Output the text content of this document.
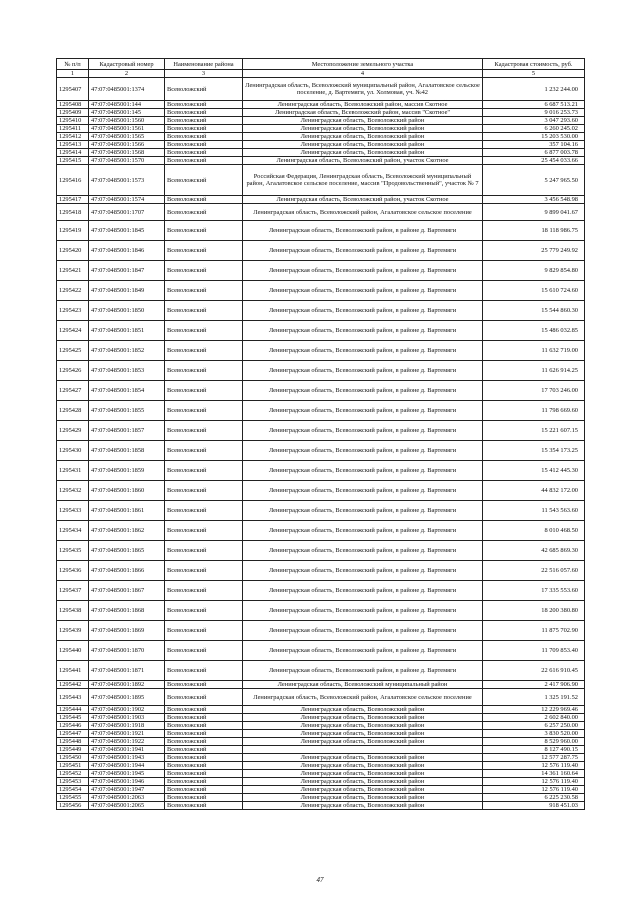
№ п/п	Кадастровый номер	Наименование района	Местоположение земельного участка	Кадастровая стоимость, руб.
1	2	3	4	5
1295407	47:07:0485001:1374	Всеволожский	Ленинградская область, Всеволожский муниципальный район, Агалатовское сельское поселение, д. Вартемяги, ул. Холмовая, уч. №42	1 232 244.00
1295408	47:07:0485001:144	Всеволожский	Ленинградская область, Всеволожский район, массив Скотное	6 687 513.21
1295409	47:07:0485001:145	Всеволожский	Ленинградская область, Всеволожский район, массив "Скотное"	9 016 253.73
1295410	47:07:0485001:1560	Всеволожский	Ленинградская область, Всеволожский район	3 047 293.60
1295411	47:07:0485001:1561	Всеволожский	Ленинградская область, Всеволожский район	6 260 245.02
1295412	47:07:0485001:1565	Всеволожский	Ленинградская область, Всеволожский район	15 203 530.00
1295413	47:07:0485001:1566	Всеволожский	Ленинградская область, Всеволожский район	357 104.16
1295414	47:07:0485001:1568	Всеволожский	Ленинградская область, Всеволожский район	6 877 003.78
1295415	47:07:0485001:1570	Всеволожский	Ленинградская область, Всеволожский район, участок Скотное	25 454 033.66
1295416	47:07:0485001:1573	Всеволожский	Российская Федерация, Ленинградская область, Всеволожский муниципальный район, Агалатовское сельское поселение, массив "Продовольственный", участок № 7	5 247 965.50
1295417	47:07:0485001:1574	Всеволожский	Ленинградская область, Всеволожский район, участок Скотное	3 456 548.98
1295418	47:07:0485001:1707	Всеволожский	Ленинградская область, Всеволожский район, Агалатовское сельское поселение	9 899 041.67
1295419	47:07:0485001:1845	Всеволожский	Ленинградская область, Всеволожский район, в районе д. Вартемяги	18 118 986.75
1295420	47:07:0485001:1846	Всеволожский	Ленинградская область, Всеволожский район, в районе д. Вартемяги	25 779 249.92
1295421	47:07:0485001:1847	Всеволожский	Ленинградская область, Всеволожский район, в районе д. Вартемяги	9 829 854.80
1295422	47:07:0485001:1849	Всеволожский	Ленинградская область, Всеволожский район, в районе д. Вартемяги	15 610 724.60
1295423	47:07:0485001:1850	Всеволожский	Ленинградская область, Всеволожский район, в районе д. Вартемяги	15 544 860.30
1295424	47:07:0485001:1851	Всеволожский	Ленинградская область, Всеволожский район, в районе д. Вартемяги	15 486 032.85
1295425	47:07:0485001:1852	Всеволожский	Ленинградская область, Всеволожский район, в районе д. Вартемяги	11 632 719.00
1295426	47:07:0485001:1853	Всеволожский	Ленинградская область, Всеволожский район, в районе д. Вартемяги	11 626 914.25
1295427	47:07:0485001:1854	Всеволожский	Ленинградская область, Всеволожский район, в районе д. Вартемяги	17 703 246.00
1295428	47:07:0485001:1855	Всеволожский	Ленинградская область, Всеволожский район, в районе д. Вартемяги	11 798 669.60
1295429	47:07:0485001:1857	Всеволожский	Ленинградская область, Всеволожский район, в районе д. Вартемяги	15 221 607.15
1295430	47:07:0485001:1858	Всеволожский	Ленинградская область, Всеволожский район, в районе д. Вартемяги	15 354 173.25
1295431	47:07:0485001:1859	Всеволожский	Ленинградская область, Всеволожский район, в районе д. Вартемяги	15 412 445.30
1295432	47:07:0485001:1860	Всеволожский	Ленинградская область, Всеволожский район, в районе д. Вартемяги	44 832 172.00
1295433	47:07:0485001:1861	Всеволожский	Ленинградская область, Всеволожский район, в районе д. Вартемяги	11 543 563.60
1295434	47:07:0485001:1862	Всеволожский	Ленинградская область, Всеволожский район, в районе д. Вартемяги	8 010 468.50
1295435	47:07:0485001:1865	Всеволожский	Ленинградская область, Всеволожский район, в районе д. Вартемяги	42 685 869.30
1295436	47:07:0485001:1866	Всеволожский	Ленинградская область, Всеволожский район, в районе д. Вартемяги	22 516 057.60
1295437	47:07:0485001:1867	Всеволожский	Ленинградская область, Всеволожский район, в районе д. Вартемяги	17 335 553.60
1295438	47:07:0485001:1868	Всеволожский	Ленинградская область, Всеволожский район, в районе д. Вартемяги	18 200 380.80
1295439	47:07:0485001:1869	Всеволожский	Ленинградская область, Всеволожский район, в районе д. Вартемяги	11 875 702.90
1295440	47:07:0485001:1870	Всеволожский	Ленинградская область, Всеволожский район, в районе д. Вартемяги	11 709 853.40
1295441	47:07:0485001:1871	Всеволожский	Ленинградская область, Всеволожский район, в районе д. Вартемяги	22 616 910.45
1295442	47:07:0485001:1892	Всеволожский	Ленинградская область, Всеволожский муниципальный район	2 417 906.90
1295443	47:07:0485001:1895	Всеволожский	Ленинградская область, Всеволожский район, Агалатовское сельское поселение	1 325 191.52
1295444	47:07:0485001:1902	Всеволожский	Ленинградская область, Всеволожский район	12 229 969.46
1295445	47:07:0485001:1903	Всеволожский	Ленинградская область, Всеволожский район	2 602 840.00
1295446	47:07:0485001:1918	Всеволожский	Ленинградская область, Всеволожский район	6 257 250.00
1295447	47:07:0485001:1921	Всеволожский	Ленинградская область, Всеволожский район	3 830 520.00
1295448	47:07:0485001:1922	Всеволожский	Ленинградская область, Всеволожский район	8 529 960.00
1295449	47:07:0485001:1941	Всеволожский		8 127 490.15
1295450	47:07:0485001:1943	Всеволожский	Ленинградская область, Всеволожский район	12 577 287.75
1295451	47:07:0485001:1944	Всеволожский	Ленинградская область, Всеволожский район	12 576 119.40
1295452	47:07:0485001:1945	Всеволожский	Ленинградская область, Всеволожский район	14 361 160.64
1295453	47:07:0485001:1946	Всеволожский	Ленинградская область, Всеволожский район	12 576 119.40
1295454	47:07:0485001:1947	Всеволожский	Ленинградская область, Всеволожский район	12 576 119.40
1295455	47:07:0485001:2063	Всеволожский	Ленинградская область, Всеволожский район	6 225 230.58
1295456	47:07:0485001:2065	Всеволожский	Ленинградская область, Всеволожский район	918 451.03
47
